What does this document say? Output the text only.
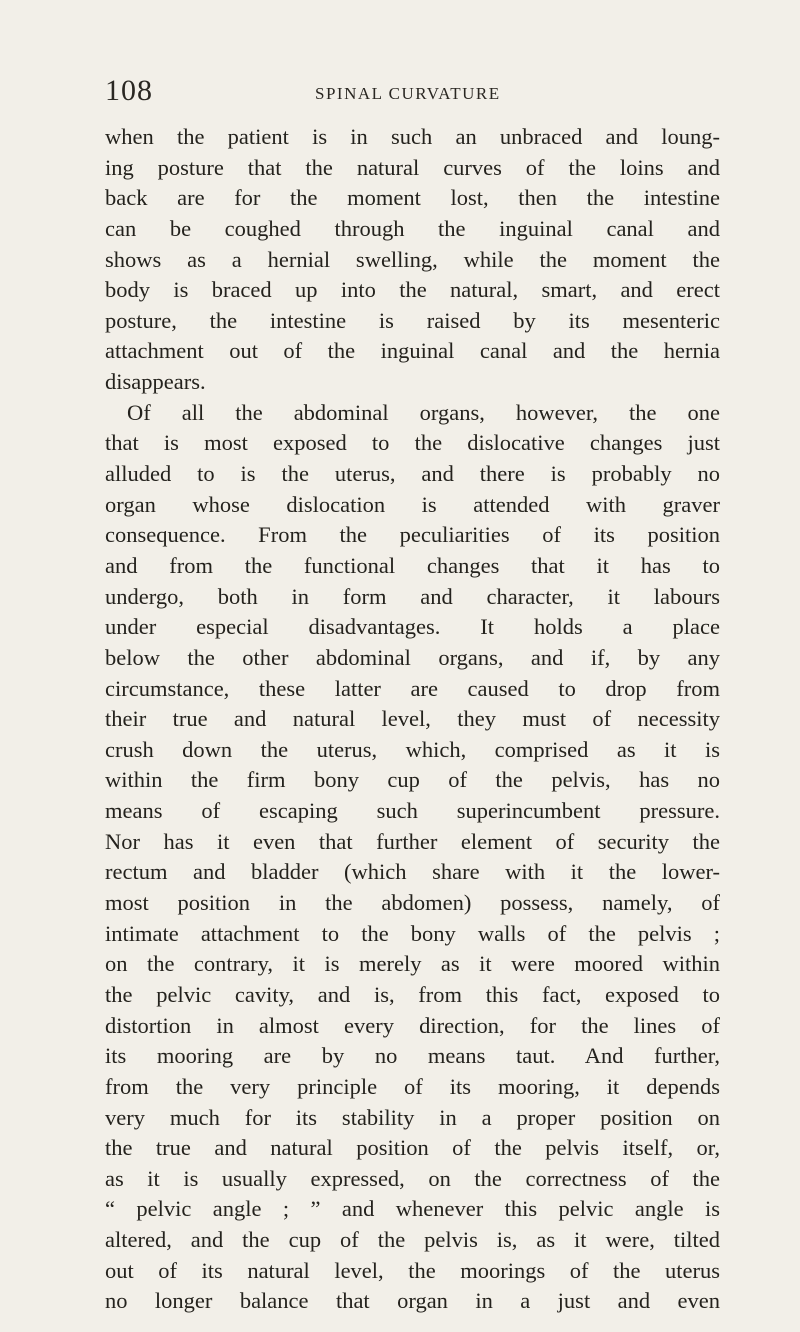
108	SPINAL CURVATURE
when the patient is in such an unbraced and loung-
ing posture that the natural curves of the loins and
back are for the moment lost, then the intestine
can be coughed through the inguinal canal and
shows as a hernial swelling, while the moment the
body is braced up into the natural, smart, and erect
posture, the intestine is raised by its mesenteric
attachment out of the inguinal canal and the hernia
disappears.
Of all the abdominal organs, however, the one
that is most exposed to the dislocative changes just
alluded to is the uterus, and there is probably no
organ whose dislocation is attended with graver
consequence. From the peculiarities of its position
and from the functional changes that it has to
undergo, both in form and character, it labours
under especial disadvantages. It holds a place
below the other abdominal organs, and if, by any
circumstance, these latter are caused to drop from
their true and natural level, they must of necessity
crush down the uterus, which, comprised as it is
within the firm bony cup of the pelvis, has no
means of escaping such superincumbent pressure.
Nor has it even that further element of security the
rectum and bladder (which share with it the lower-
most position in the abdomen) possess, namely, of
intimate attachment to the bony walls of the pelvis ;
on the contrary, it is merely as it were moored within
the pelvic cavity, and is, from this fact, exposed to
distortion in almost every direction, for the lines of
its mooring are by no means taut. And further,
from the very principle of its mooring, it depends
very much for its stability in a proper position on
the true and natural position of the pelvis itself, or,
as it is usually expressed, on the correctness of the
“ pelvic angle ; ” and whenever this pelvic angle is
altered, and the cup of the pelvis is, as it were, tilted
out of its natural level, the moorings of the uterus
no longer balance that organ in a just and even
